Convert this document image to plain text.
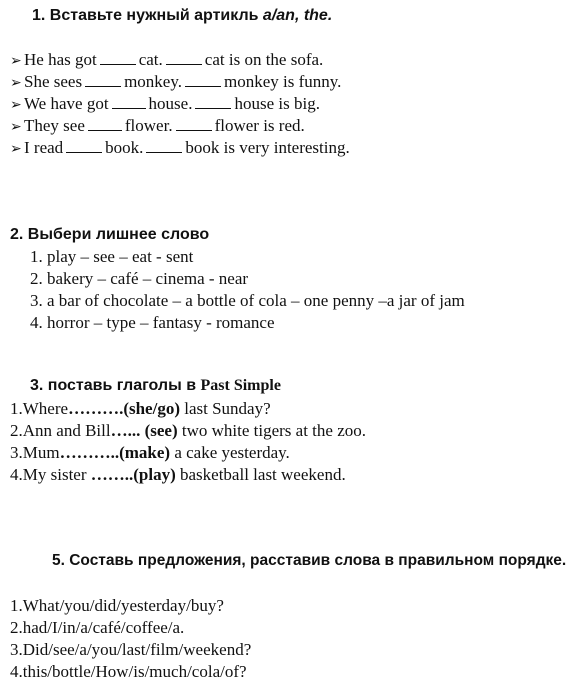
1. Вставьте нужный артикль a/an, the.
➢ He has got cat. cat is on the sofa.
➢ She sees monkey. monkey is funny.
➢ We have got house. house is big.
➢ They see flower. flower is red.
➢ I read book. book is very interesting.
2. Выбери лишнее слово
1. play – see – eat - sent
2. bakery – café – cinema - near
3. a bar of chocolate – a bottle of cola – one penny –a jar of jam
4. horror – type – fantasy - romance
3. поставь глаголы в Past Simple
1.Where……….(she/go) last Sunday?
2.Ann and Bill…... (see) two white tigers at the zoo.
3.Mum………..(make) a cake yesterday.
4.My sister ……..(play) basketball last weekend.
5. Составь предложения, расставив слова в правильном порядке.
1.What/you/did/yesterday/buy?
2.had/I/in/a/café/coffee/a.
3.Did/see/a/you/last/film/weekend?
4.this/bottle/How/is/much/cola/of?
